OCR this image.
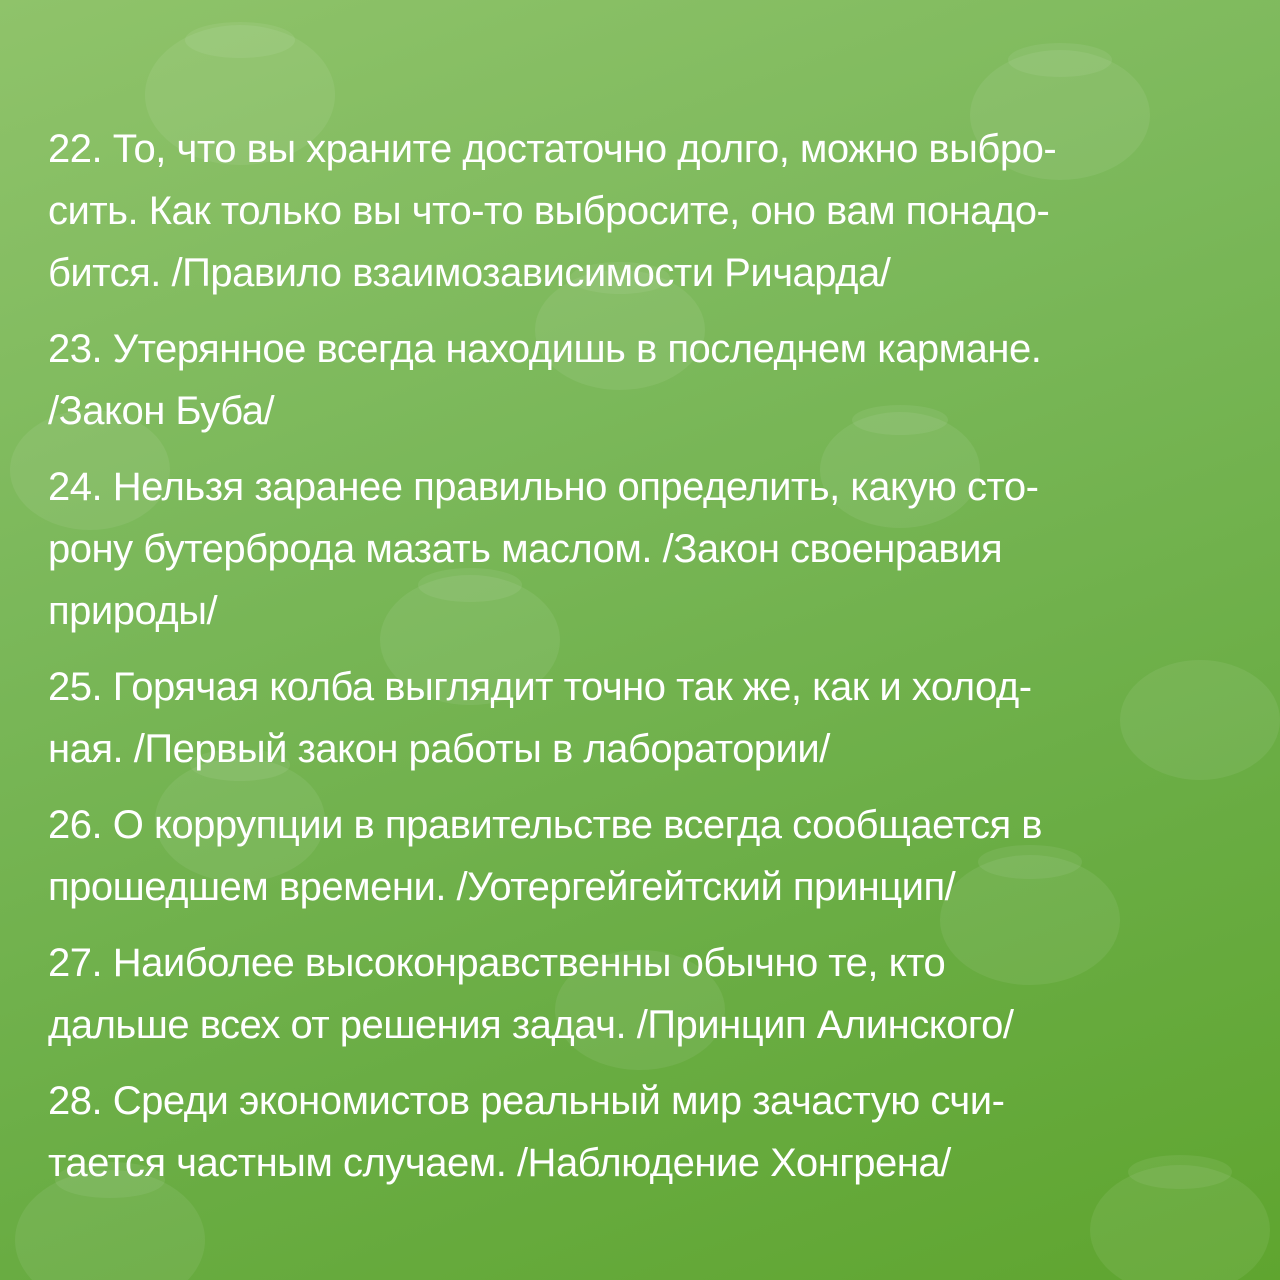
22. То, что вы храните достаточно долго, можно выбро-
сить. Как только вы что-то выбросите, оно вам понадо-
бится. /Правило взаимозависимости Ричарда/

23. Утерянное всегда находишь в последнем кармане.
/Закон Буба/

24. Нельзя заранее правильно определить, какую сто-
рону бутерброда мазать маслом. /Закон своенравия
природы/

25. Горячая колба выглядит точно так же, как и холод-
ная. /Первый закон работы в лаборатории/

26. О коррупции в правительстве всегда сообщается в
прошедшем времени. /Уотергейгейтский принцип/

27. Наиболее высоконравственны обычно те, кто
дальше всех от решения задач. /Принцип Алинского/

28. Среди экономистов реальный мир зачастую счи-
тается частным случаем. /Наблюдение Хонгрена/
